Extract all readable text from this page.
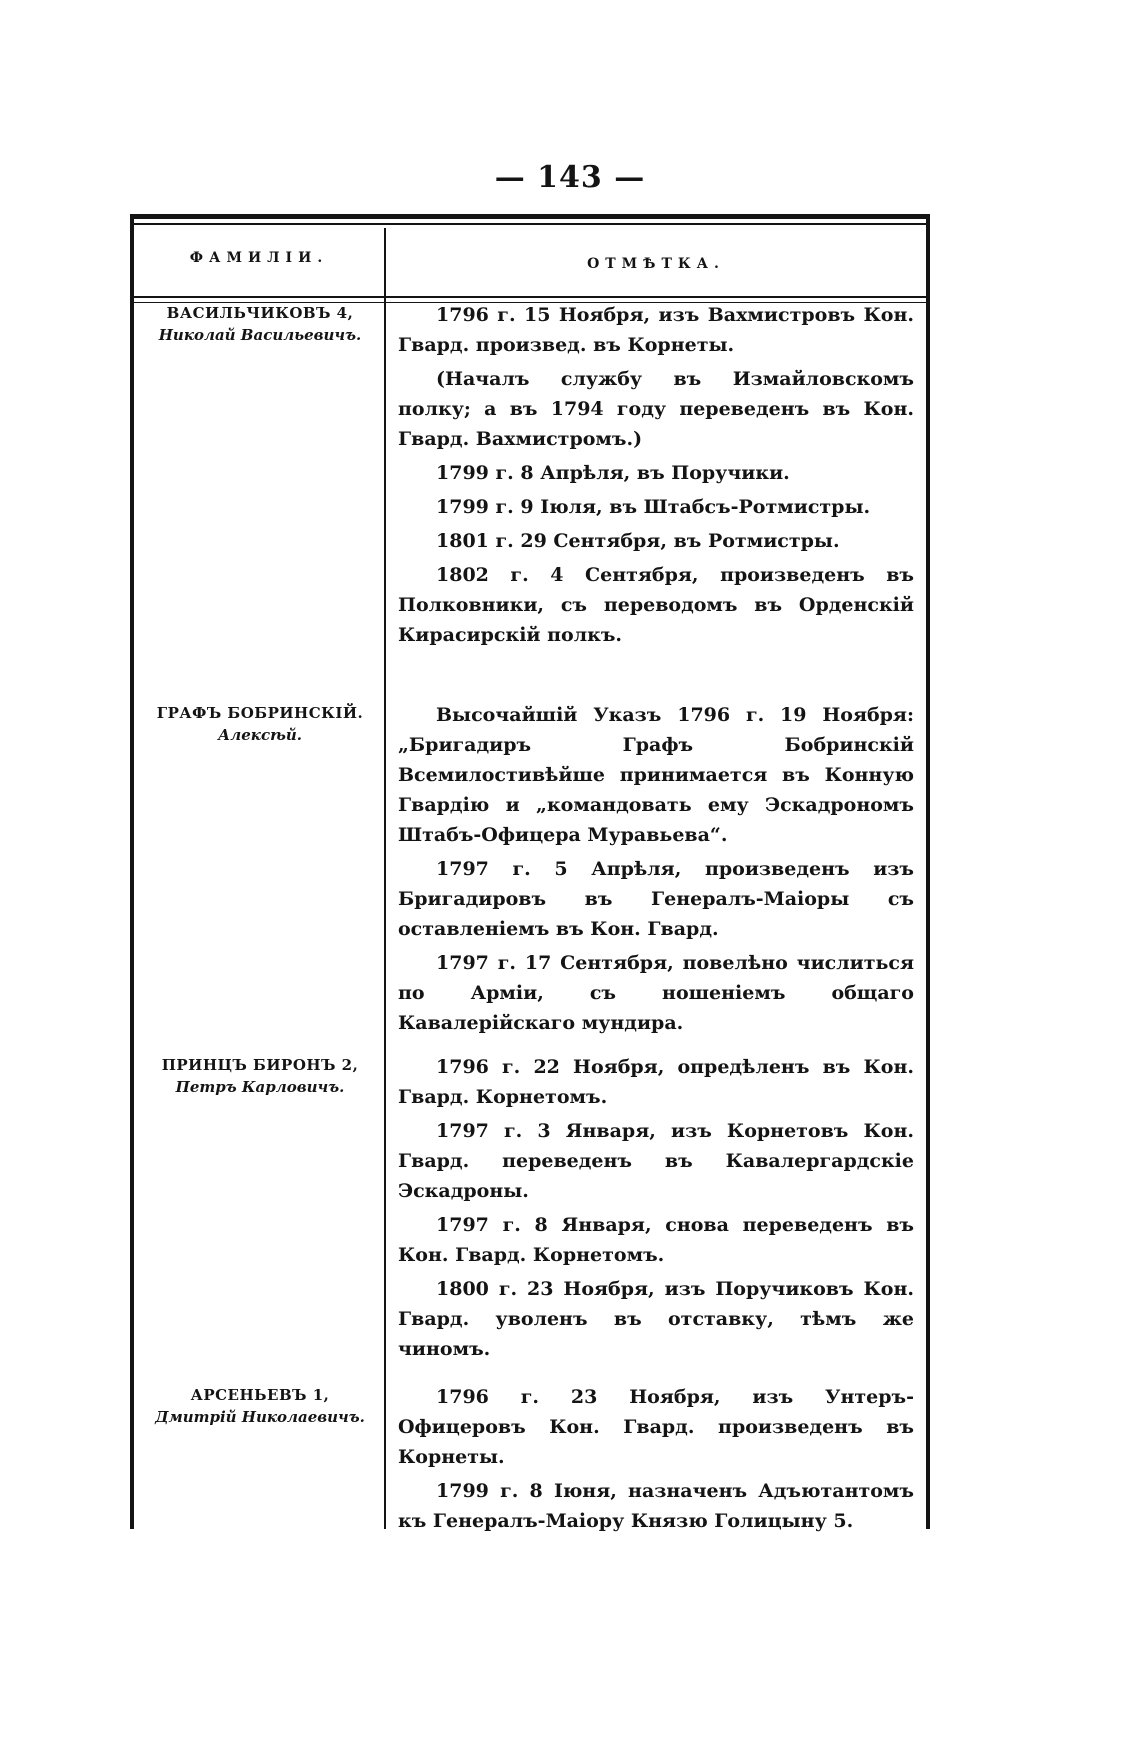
— 143 —
ФАМИЛІИ.	ОТМѢТКА.
ВАСИЛЬЧИКОВЪ 4,
Николай Васильевичъ.

1796 г. 15 Ноября, изъ Вахмистровъ Кон. Гвард. произвед. въ Корнеты.

(Началъ службу въ Измайловскомъ полку; а въ 1794 году переведенъ въ Кон. Гвард. Вахмистромъ.)

1799 г. 8 Апрѣля, въ Поручики.

1799 г. 9 Іюля, въ Штабсъ-Ротмистры.

1801 г. 29 Сентября, въ Ротмистры.

1802 г. 4 Сентября, произведенъ въ Полковники, съ переводомъ въ Орденскій Кирасирскій полкъ.

ГРАФЪ БОБРИНСКІЙ.
Алексѣй.

Высочайшій Указъ 1796 г. 19 Ноября: „Бригадиръ Графъ Бобринскій Всемилостивѣйше принимается въ Конную Гвардію и „командовать ему Эскадрономъ Штабъ-Офицера Муравьева“.

1797 г. 5 Апрѣля, произведенъ изъ Бригадировъ въ Генералъ-Маіоры съ оставленіемъ въ Кон. Гвард.

1797 г. 17 Сентября, повелѣно числиться по Арміи, съ ношеніемъ общаго Кавалерійскаго мундира.

ПРИНЦЪ БИРОНЪ 2,
Петръ Карловичъ.

1796 г. 22 Ноября, опредѣленъ въ Кон. Гвард. Корнетомъ.

1797 г. 3 Января, изъ Корнетовъ Кон. Гвард. переведенъ въ Кавалергардскіе Эскадроны.

1797 г. 8 Января, снова переведенъ въ Кон. Гвард. Корнетомъ.

1800 г. 23 Ноября, изъ Поручиковъ Кон. Гвард. уволенъ въ отставку, тѣмъ же чиномъ.

АРСЕНЬЕВЪ 1,
Дмитрій Николаевичъ.

1796 г. 23 Ноября, изъ Унтеръ-Офицеровъ Кон. Гвард. произведенъ въ Корнеты.

1799 г. 8 Іюня, назначенъ Адъютантомъ къ Генералъ-Маіору Князю Голицыну 5.
